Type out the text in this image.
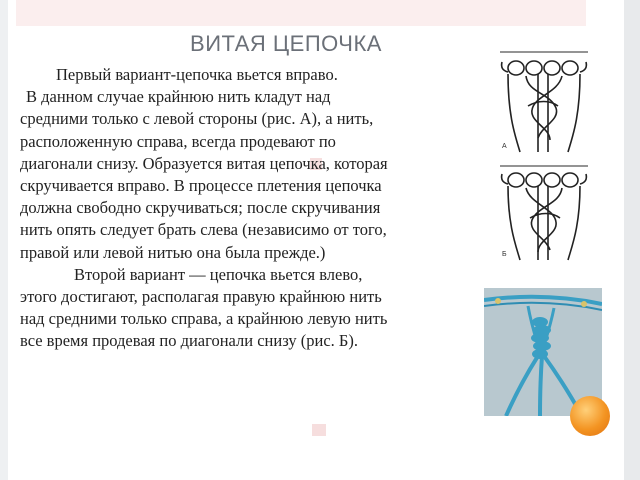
ВИТАЯ ЦЕПОЧКА

Первый вариант-цепочка вьется вправо.

В данном случае крайнюю нить кладут над

средними только с левой стороны (рис. А), а нить,

расположенную справа, всегда продевают по

диагонали снизу. Образуется витая цепочка, которая

скручивается вправо. В процессе плетения цепочка

должна свободно скручиваться; после скручивания

нить опять следует брать слева (независимо от того,

правой или левой нитью она была прежде.)

Второй вариант — цепочка вьется влево,

этого достигают, располагая правую крайнюю нить

над средними только справа, а крайнюю левую нить

все время продевая по диагонали снизу (рис. Б).

А
Б
